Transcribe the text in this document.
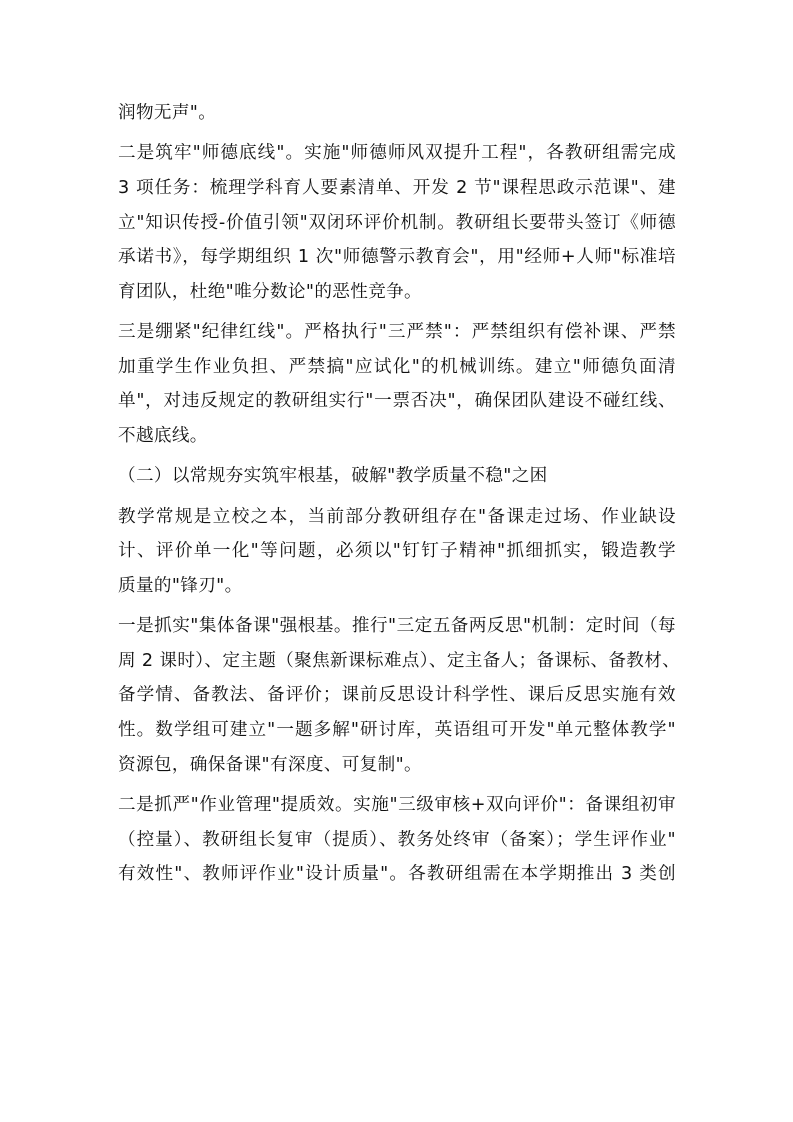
润物无声"。
二是筑牢"师德底线"。实施"师德师风双提升工程"，各教研组需完成
3 项任务：梳理学科育人要素清单、开发 2 节"课程思政示范课"、建
立"知识传授-价值引领"双闭环评价机制。教研组长要带头签订《师德
承诺书》，每学期组织 1 次"师德警示教育会"，用"经师+人师"标准培
育团队，杜绝"唯分数论"的恶性竞争。
三是绷紧"纪律红线"。严格执行"三严禁"：严禁组织有偿补课、严禁
加重学生作业负担、严禁搞"应试化"的机械训练。建立"师德负面清
单"，对违反规定的教研组实行"一票否决"，确保团队建设不碰红线、
不越底线。
（二）以常规夯实筑牢根基，破解"教学质量不稳"之困
教学常规是立校之本，当前部分教研组存在"备课走过场、作业缺设
计、评价单一化"等问题，必须以"钉钉子精神"抓细抓实，锻造教学
质量的"锋刃"。
一是抓实"集体备课"强根基。推行"三定五备两反思"机制：定时间（每
周 2 课时）、定主题（聚焦新课标难点）、定主备人；备课标、备教材、
备学情、备教法、备评价；课前反思设计科学性、课后反思实施有效
性。数学组可建立"一题多解"研讨库，英语组可开发"单元整体教学"
资源包，确保备课"有深度、可复制"。
二是抓严"作业管理"提质效。实施"三级审核+双向评价"：备课组初审
（控量）、教研组长复审（提质）、教务处终审（备案）；学生评作业"
有效性"、教师评作业"设计质量"。各教研组需在本学期推出 3 类创
